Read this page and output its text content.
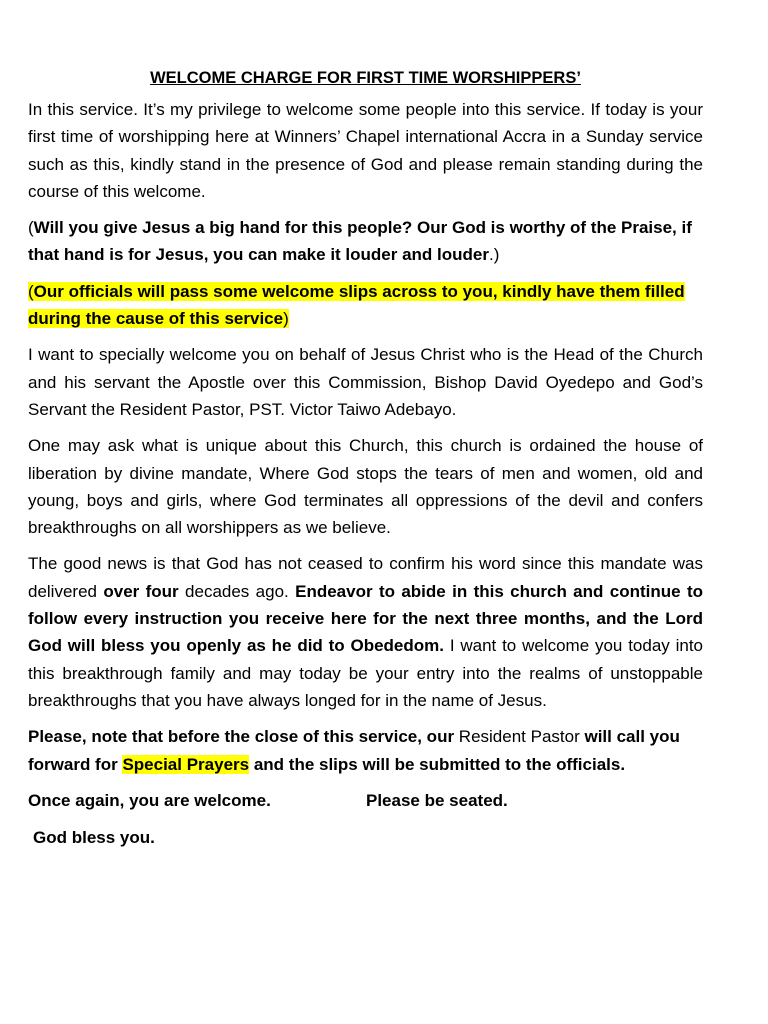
WELCOME CHARGE FOR FIRST TIME WORSHIPPERS’

In this service. It’s my privilege to welcome some people into this service. If today is your first time of worshipping here at Winners’ Chapel international Accra in a Sunday service such as this, kindly stand in the presence of God and please remain standing during the course of this welcome.

(Will you give Jesus a big hand for this people? Our God is worthy of the Praise, if that hand is for Jesus, you can make it louder and louder.)

(Our officials will pass some welcome slips across to you, kindly have them filled during the cause of this service)

I want to specially welcome you on behalf of Jesus Christ who is the Head of the Church and his servant the Apostle over this Commission, Bishop David Oyedepo and God’s Servant the Resident Pastor, PST. Victor Taiwo Adebayo.

One may ask what is unique about this Church, this church is ordained the house of liberation by divine mandate, Where God stops the tears of men and women, old and young, boys and girls, where God terminates all oppressions of the devil and confers breakthroughs on all worshippers as we believe.

The good news is that God has not ceased to confirm his word since this mandate was delivered over four decades ago. Endeavor to abide in this church and continue to follow every instruction you receive here for the next three months, and the Lord God will bless you openly as he did to Obededom. I want to welcome you today into this breakthrough family and may today be your entry into the realms of unstoppable breakthroughs that you have always longed for in the name of Jesus.

Please, note that before the close of this service, our Resident Pastor will call you forward for Special Prayers and the slips will be submitted to the officials.

Once again, you are welcome.	Please be seated.
God bless you.
